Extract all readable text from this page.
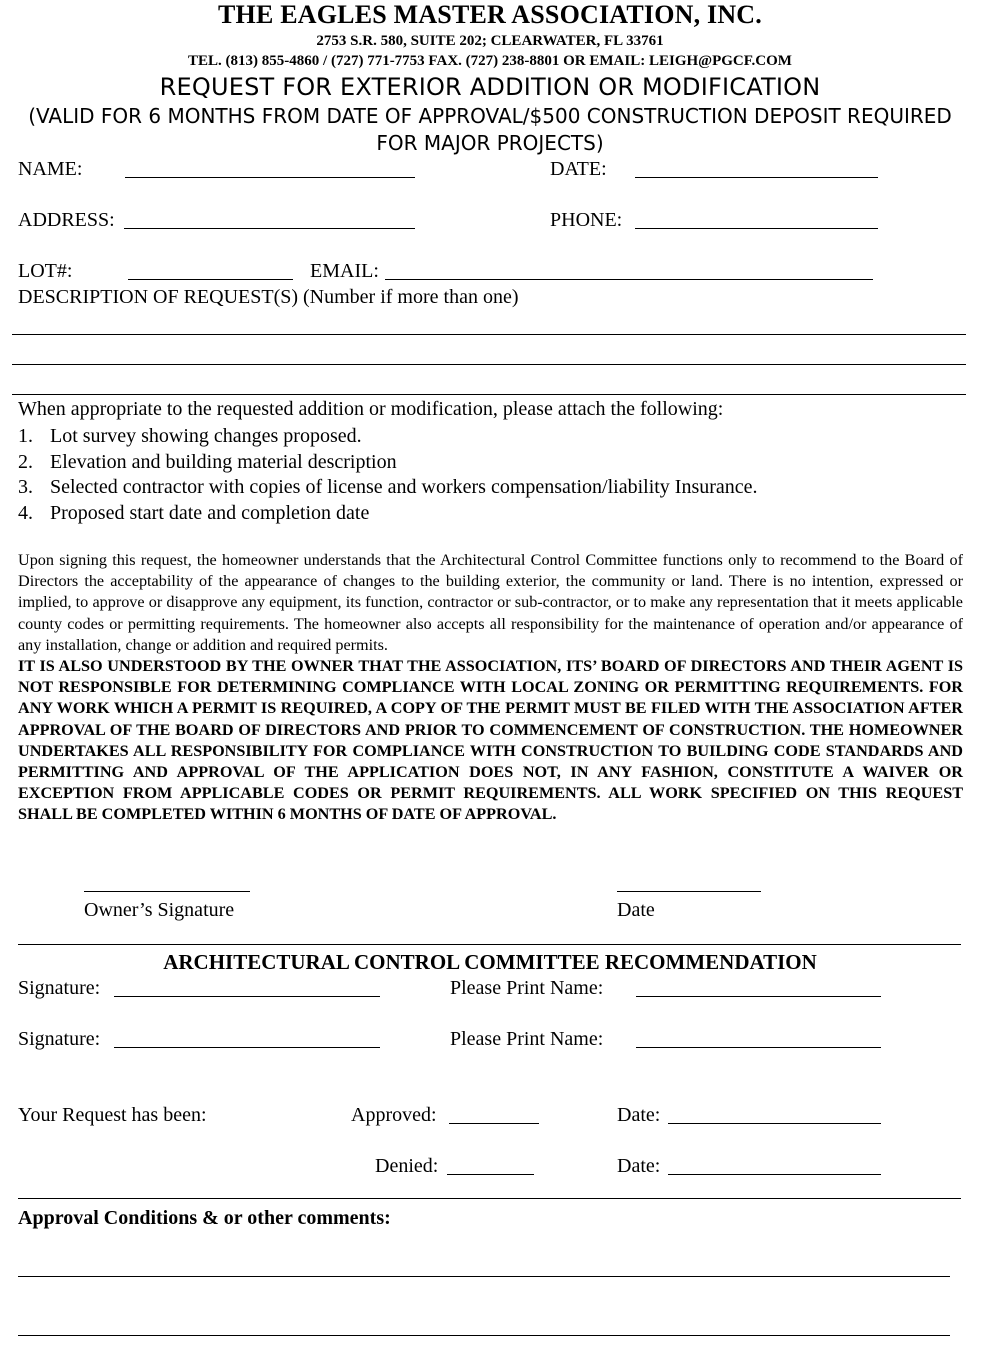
THE EAGLES MASTER ASSOCIATION, INC.
2753 S.R. 580, SUITE 202; CLEARWATER, FL 33761
TEL. (813) 855-4860 / (727) 771-7753 FAX. (727) 238-8801 OR EMAIL: LEIGH@PGCF.COM
REQUEST FOR EXTERIOR ADDITION OR MODIFICATION
(VALID FOR 6 MONTHS FROM DATE OF APPROVAL/$500 CONSTRUCTION DEPOSIT REQUIRED
FOR MAJOR PROJECTS)
NAME:	DATE:
ADDRESS:	PHONE:
LOT#:	EMAIL:
DESCRIPTION OF REQUEST(S) (Number if more than one)
When appropriate to the requested addition or modification, please attach the following:
1. Lot survey showing changes proposed.
2. Elevation and building material description
3. Selected contractor with copies of license and workers compensation/liability Insurance.
4. Proposed start date and completion date
Upon signing this request, the homeowner understands that the Architectural Control Committee functions only to recommend to the Board of Directors the acceptability of the appearance of changes to the building exterior, the community or land. There is no intention, expressed or implied, to approve or disapprove any equipment, its function, contractor or sub-contractor, or to make any representation that it meets applicable county codes or permitting requirements. The homeowner also accepts all responsibility for the maintenance of operation and/or appearance of any installation, change or addition and required permits.
IT IS ALSO UNDERSTOOD BY THE OWNER THAT THE ASSOCIATION, ITS’ BOARD OF DIRECTORS AND THEIR AGENT IS NOT RESPONSIBLE FOR DETERMINING COMPLIANCE WITH LOCAL ZONING OR PERMITTING REQUIREMENTS. FOR ANY WORK WHICH A PERMIT IS REQUIRED, A COPY OF THE PERMIT MUST BE FILED WITH THE ASSOCIATION AFTER APPROVAL OF THE BOARD OF DIRECTORS AND PRIOR TO COMMENCEMENT OF CONSTRUCTION. THE HOMEOWNER UNDERTAKES ALL RESPONSIBILITY FOR COMPLIANCE WITH CONSTRUCTION TO BUILDING CODE STANDARDS AND PERMITTING AND APPROVAL OF THE APPLICATION DOES NOT, IN ANY FASHION, CONSTITUTE A WAIVER OR EXCEPTION FROM APPLICABLE CODES OR PERMIT REQUIREMENTS. ALL WORK SPECIFIED ON THIS REQUEST SHALL BE COMPLETED WITHIN 6 MONTHS OF DATE OF APPROVAL.
Owner’s Signature	Date
ARCHITECTURAL CONTROL COMMITTEE RECOMMENDATION
Signature:	Please Print Name:
Signature:	Please Print Name:
Your Request has been:	Approved:	Date:
Denied:	Date:
Approval Conditions & or other comments:
